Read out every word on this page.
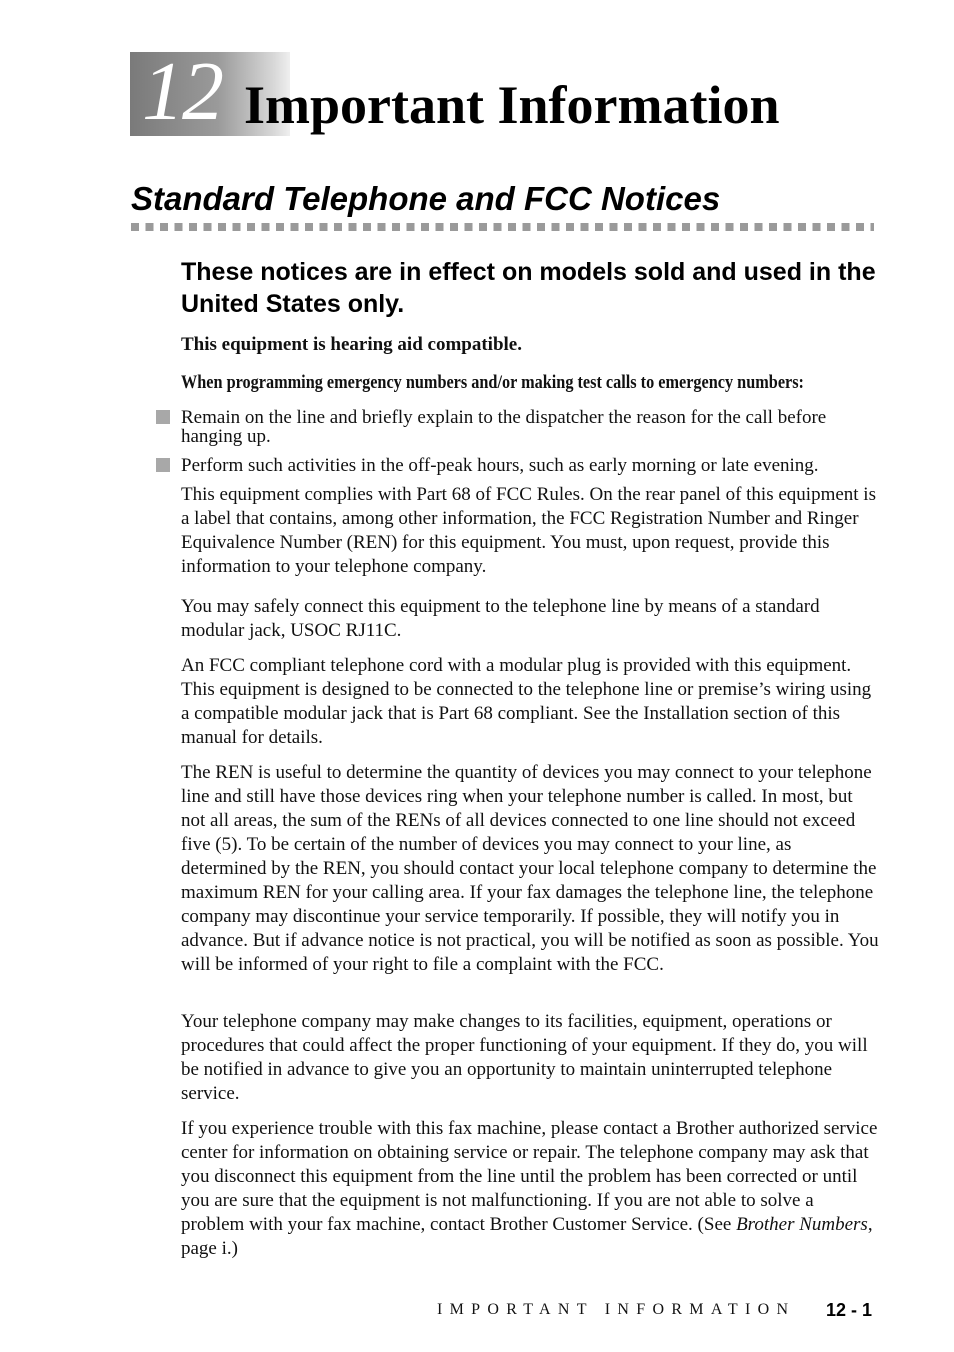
12 Important Information
Standard Telephone and FCC Notices
These notices are in effect on models sold and used in the United States only.
This equipment is hearing aid compatible.
When programming emergency numbers and/or making test calls to emergency numbers:
Remain on the line and briefly explain to the dispatcher the reason for the call before
hanging up.
Perform such activities in the off-peak hours, such as early morning or late evening.

This equipment complies with Part 68 of FCC Rules. On the rear panel of this equipment is a label that contains, among other information, the FCC Registration Number and Ringer Equivalence Number (REN) for this equipment. You must, upon request, provide this information to your telephone company.

You may safely connect this equipment to the telephone line by means of a standard modular jack, USOC RJ11C.

An FCC compliant telephone cord with a modular plug is provided with this equipment. This equipment is designed to be connected to the telephone line or premise’s wiring using a compatible modular jack that is Part 68 compliant. See the Installation section of this manual for details.

The REN is useful to determine the quantity of devices you may connect to your telephone line and still have those devices ring when your telephone number is called. In most, but not all areas, the sum of the RENs of all devices connected to one line should not exceed five (5). To be certain of the number of devices you may connect to your line, as determined by the REN, you should contact your local telephone company to determine the maximum REN for your calling area. If your fax damages the telephone line, the telephone company may discontinue your service temporarily. If possible, they will notify you in advance. But if advance notice is not practical, you will be notified as soon as possible. You will be informed of your right to file a complaint with the FCC.

Your telephone company may make changes to its facilities, equipment, operations or procedures that could affect the proper functioning of your equipment. If they do, you will be notified in advance to give you an opportunity to maintain uninterrupted telephone service.

If you experience trouble with this fax machine, please contact a Brother authorized service center for information on obtaining service or repair. The telephone company may ask that you disconnect this equipment from the line until the problem has been corrected or until you are sure that the equipment is not malfunctioning. If you are not able to solve a problem with your fax machine, contact Brother Customer Service. (See Brother Numbers, page i.)

IMPORTANT INFORMATION 12 - 1
